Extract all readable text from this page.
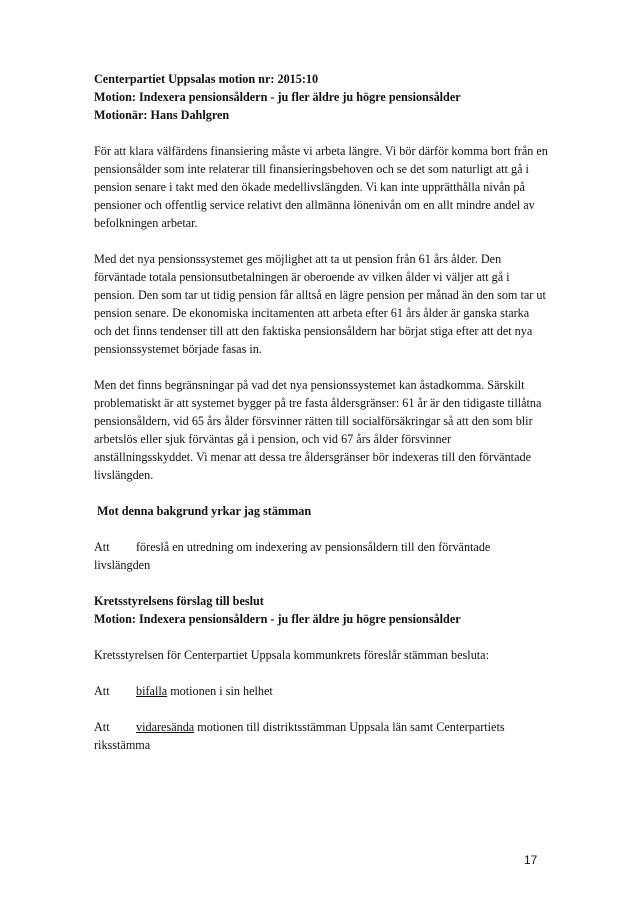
Centerpartiet Uppsalas motion nr: 2015:10

Motion: Indexera pensionsåldern - ju fler äldre ju högre pensionsålder

Motionär: Hans Dahlgren

För att klara välfärdens finansiering måste vi arbeta längre. Vi bör därför komma bort från en pensionsålder som inte relaterar till finansieringsbehoven och se det som naturligt att gå i pension senare i takt med den ökade medellivslängden. Vi kan inte upprätthålla nivån på pensioner och offentlig service relativt den allmänna lönenivån om en allt mindre andel av befolkningen arbetar.

Med det nya pensionssystemet ges möjlighet att ta ut pension från 61 års ålder. Den förväntade totala pensionsutbetalningen är oberoende av vilken ålder vi väljer att gå i pension. Den som tar ut tidig pension får alltså en lägre pension per månad än den som tar ut pension senare. De ekonomiska incitamenten att arbeta efter 61 års ålder är ganska starka och det finns tendenser till att den faktiska pensionsåldern har börjat stiga efter att det nya pensionssystemet började fasas in.

Men det finns begränsningar på vad det nya pensionssystemet kan åstadkomma. Särskilt problematiskt är att systemet bygger på tre fasta åldersgränser: 61 år är den tidigaste tillåtna pensionsåldern, vid 65 års ålder försvinner rätten till socialförsäkringar så att den som blir arbetslös eller sjuk förväntas gå i pension, och vid 67 års ålder försvinner anställningsskyddet. Vi menar att dessa tre åldersgränser bör indexeras till den förväntade livslängden.

Mot denna bakgrund yrkar jag stämman

Att föreslå en utredning om indexering av pensionsåldern till den förväntade livslängden

Kretsstyrelsens förslag till beslut

Motion: Indexera pensionsåldern - ju fler äldre ju högre pensionsålder

Kretsstyrelsen för Centerpartiet Uppsala kommunkrets föreslår stämman besluta:

Att bifalla motionen i sin helhet

Att vidaresända motionen till distriktsstämman Uppsala län samt Centerpartiets riksstämma

17
